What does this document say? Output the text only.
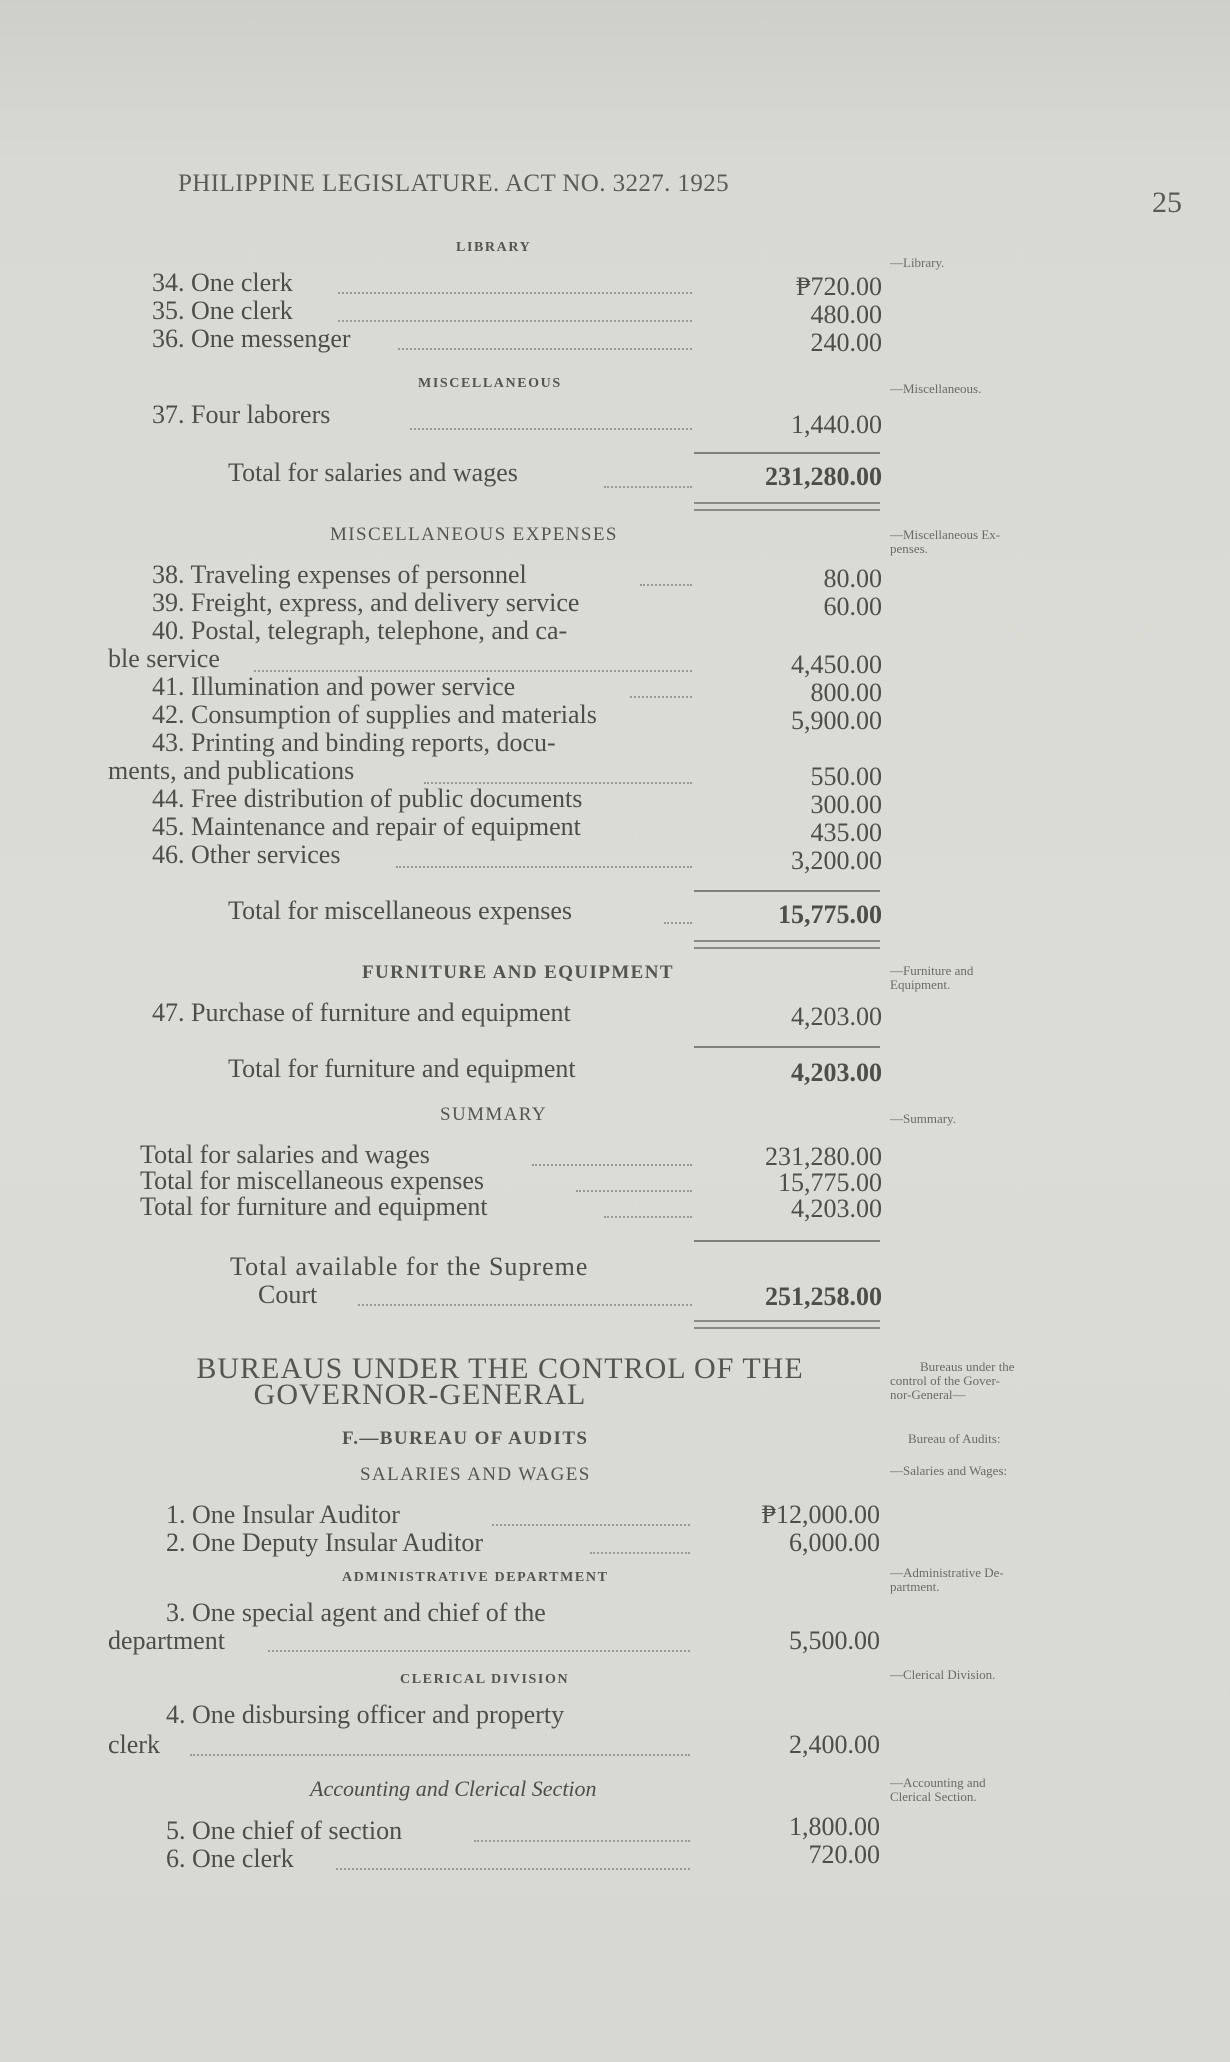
PHILIPPINE LEGISLATURE. ACT NO. 3227. 1925
25
LIBRARY
—Library.
34. One clerk	₱720.00
35. One clerk	480.00
36. One messenger	240.00
MISCELLANEOUS	—Miscellaneous.
37. Four laborers	1,440.00
Total for salaries and wages	231,280.00
MISCELLANEOUS EXPENSES	—Miscellaneous Ex-
penses.
38. Traveling expenses of personnel	80.00
39. Freight, express, and delivery service	60.00
40. Postal, telegraph, telephone, and ca-
ble service	4,450.00
41. Illumination and power service	800.00
42. Consumption of supplies and materials	5,900.00
43. Printing and binding reports, docu-
ments, and publications	550.00
44. Free distribution of public documents	300.00
45. Maintenance and repair of equipment	435.00
46. Other services	3,200.00
Total for miscellaneous expenses	15,775.00
FURNITURE AND EQUIPMENT	—Furniture and
Equipment.
47. Purchase of furniture and equipment	4,203.00
Total for furniture and equipment	4,203.00
SUMMARY	—Summary.
Total for salaries and wages	231,280.00
Total for miscellaneous expenses	15,775.00
Total for furniture and equipment	4,203.00
Total available for the Supreme
Court	251,258.00
BUREAUS UNDER THE CONTROL OF THE
GOVERNOR-GENERAL
Bureaus under the
control of the Gover-
nor-General—
F.—BUREAU OF AUDITS	Bureau of Audits:
SALARIES AND WAGES	—Salaries and Wages:
1. One Insular Auditor	₱12,000.00
2. One Deputy Insular Auditor	6,000.00
ADMINISTRATIVE DEPARTMENT	—Administrative De-
partment.
3. One special agent and chief of the
department	5,500.00
CLERICAL DIVISION	—Clerical Division.
4. One disbursing officer and property
clerk	2,400.00
Accounting and Clerical Section	—Accounting and
Clerical Section.
5. One chief of section	1,800.00
6. One clerk	720.00
